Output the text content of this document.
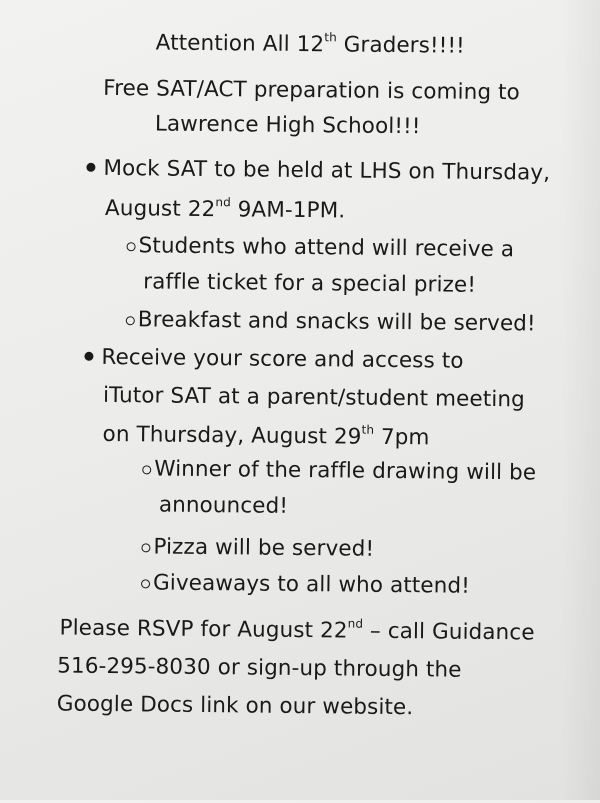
Attention All 12th Graders!!!!
Free SAT/ACT preparation is coming to
Lawrence High School!!!
Mock SAT to be held at LHS on Thursday,
August 22nd 9AM-1PM.
Students who attend will receive a
raffle ticket for a special prize!
Breakfast and snacks will be served!
Receive your score and access to
iTutor SAT at a parent/student meeting
on Thursday, August 29th 7pm
Winner of the raffle drawing will be
announced!
Pizza will be served!
Giveaways to all who attend!
Please RSVP for August 22nd – call Guidance
516-295-8030 or sign-up through the
Google Docs link on our website.
